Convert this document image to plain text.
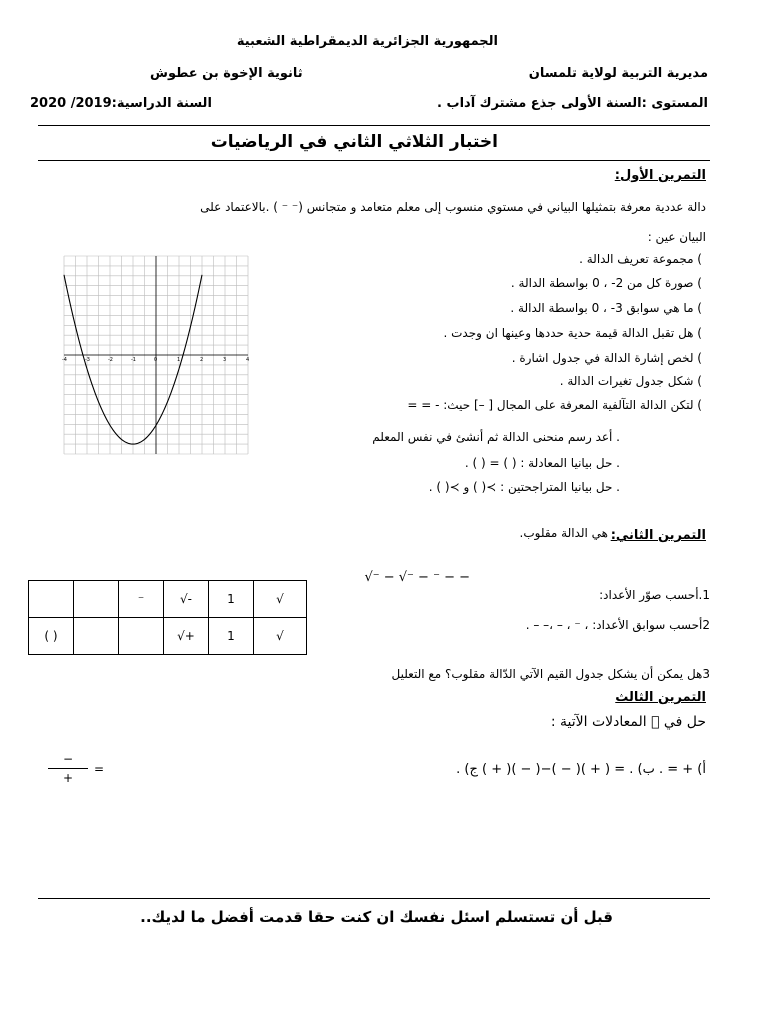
الجمهورية الجزائرية الديمقراطية الشعبية
مديرية التربية لولاية تلمسان
ثانوية الإخوة بن عطوش
المستوى :السنة الأولى جذع مشترك آداب .
السنة الدراسية:2019/ 2020
اختبار الثلاثي الثاني في الرياضيات
التمرين الأول:
دالة عددية معرفة بتمثيلها البياني في مستوي منسوب إلى معلم متعامد و متجانس (⁻ ⁻ ) .بالاعتماد على
البيان عين :
) مجموعة تعريف الدالة .
) صورة كل من 2- ، 0 بواسطة الدالة .
) ما هي سوابق 3- ، 0 بواسطة الدالة .
) هل تقبل الدالة قيمة حدية حددها وعينها ان وجدت .
) لخص إشارة الدالة في جدول اشارة .
) شكل جدول تغيرات الدالة .
) لتكن الدالة التآلفية المعرفة على المجال [ –] حيث: - = =
. أعد رسم منحنى الدالة ثم أنشئ في نفس المعلم
. حل بيانيا المعادلة : ( ) = ( ) .
. حل بيانيا المتراجحتين : ≻( ) و ≻( ) .
-4	-3	-2	-1	0	1	2	3	4
التمرين الثاني:
هي الدالة مقلوب.
√⁻ − √⁻ − ⁻ − −
1.أحسب صوّر الأعداد:
2أحسب سوابق الأعداد: ، ⁻ ، – ،– – .
3هل يمكن أن يشكل جدول القيم الآتي الدّالة مقلوب؟ مع التعليل
		⁻	√-	1	√
( )			√+	1	√
التمرين الثالث
حل في ⃞ المعادلات الآتية :
أ) + = . ب) . = ( + )( − )−( − )( + ) ج) .
−
+
=
قبل أن تستسلم اسئل نفسك ان كنت حقا قدمت أفضل ما لديك..
